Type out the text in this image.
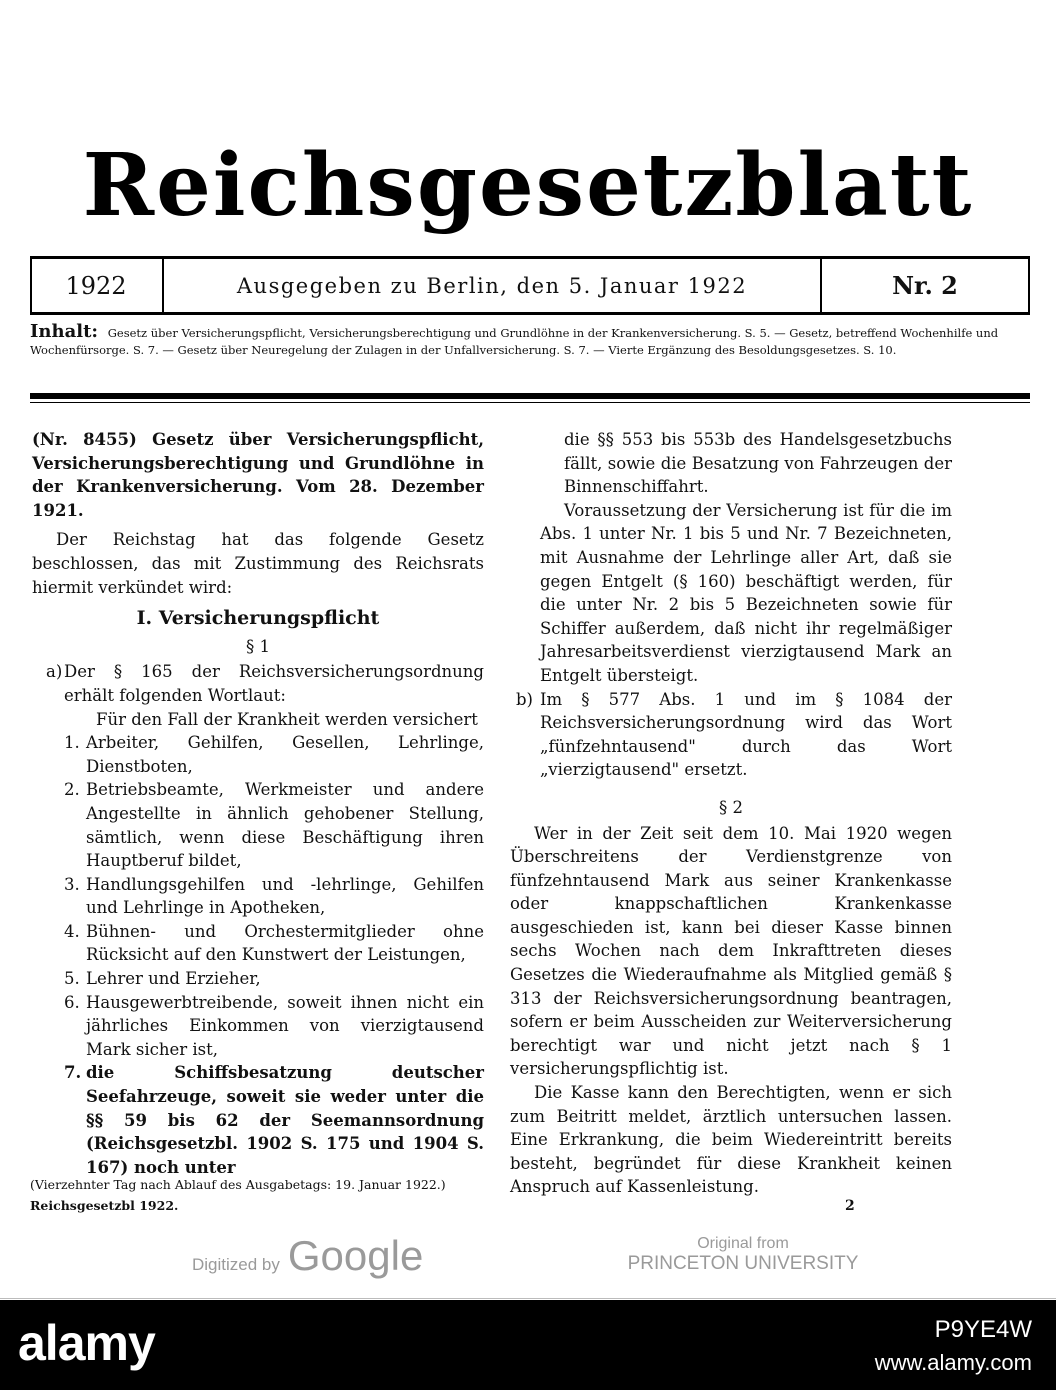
Reichsgesetzblatt
1922	Ausgegeben zu Berlin, den 5. Januar 1922	Nr. 2
Inhalt: Gesetz über Versicherungspflicht, Versicherungsberechtigung und Grundlöhne in der Krankenversicherung. S. 5. — Gesetz, betreffend Wochenhilfe und Wochenfürsorge. S. 7. — Gesetz über Neuregelung der Zulagen in der Unfallversicherung. S. 7. — Vierte Ergänzung des Besoldungsgesetzes. S. 10.

(Nr. 8455) Gesetz über Versicherungspflicht, Versicherungsberechtigung und Grundlöhne in der Krankenversicherung. Vom 28. Dezember 1921.

Der Reichstag hat das folgende Gesetz beschlossen, das mit Zustimmung des Reichsrats hiermit verkündet wird:

I. Versicherungspflicht
§ 1

a) Der § 165 der Reichsversicherungsordnung erhält folgenden Wortlaut:

Für den Fall der Krankheit werden versichert

1. Arbeiter, Gehilfen, Gesellen, Lehrlinge, Dienstboten,
2. Betriebsbeamte, Werkmeister und andere Angestellte in ähnlich gehobener Stellung, sämtlich, wenn diese Beschäftigung ihren Hauptberuf bildet,
3. Handlungsgehilfen und -lehrlinge, Gehilfen und Lehrlinge in Apotheken,
4. Bühnen- und Orchestermitglieder ohne Rücksicht auf den Kunstwert der Leistungen,
5. Lehrer und Erzieher,
6. Hausgewerbtreibende, soweit ihnen nicht ein jährliches Einkommen von vierzigtausend Mark sicher ist,
7. die Schiffsbesatzung deutscher Seefahrzeuge, soweit sie weder unter die §§ 59 bis 62 der Seemannsordnung (Reichsgesetzbl. 1902 S. 175 und 1904 S. 167) noch unter

die §§ 553 bis 553b des Handelsgesetzbuchs fällt, sowie die Besatzung von Fahrzeugen der Binnenschiffahrt.

Voraussetzung der Versicherung ist für die im Abs. 1 unter Nr. 1 bis 5 und Nr. 7 Bezeichneten, mit Ausnahme der Lehrlinge aller Art, daß sie gegen Entgelt (§ 160) beschäftigt werden, für die unter Nr. 2 bis 5 Bezeichneten sowie für Schiffer außerdem, daß nicht ihr regelmäßiger Jahresarbeitsverdienst vierzigtausend Mark an Entgelt übersteigt.

b) Im § 577 Abs. 1 und im § 1084 der Reichsversicherungsordnung wird das Wort „fünfzehntausend" durch das Wort „vierzigtausend" ersetzt.

§ 2

Wer in der Zeit seit dem 10. Mai 1920 wegen Überschreitens der Verdienstgrenze von fünfzehntausend Mark aus seiner Krankenkasse oder knappschaftlichen Krankenkasse ausgeschieden ist, kann bei dieser Kasse binnen sechs Wochen nach dem Inkrafttreten dieses Gesetzes die Wiederaufnahme als Mitglied gemäß § 313 der Reichsversicherungsordnung beantragen, sofern er beim Ausscheiden zur Weiterversicherung berechtigt war und nicht jetzt nach § 1 versicherungspflichtig ist.

Die Kasse kann den Berechtigten, wenn er sich zum Beitritt meldet, ärztlich untersuchen lassen. Eine Erkrankung, die beim Wiedereintritt bereits besteht, begründet für diese Krankheit keinen Anspruch auf Kassenleistung.

(Vierzehnter Tag nach Ablauf des Ausgabetags: 19. Januar 1922.)
Reichsgesetzbl 1922.	2
Digitized by Google	Original from
PRINCETON UNIVERSITY
alamy	P9YE4W
www.alamy.com
